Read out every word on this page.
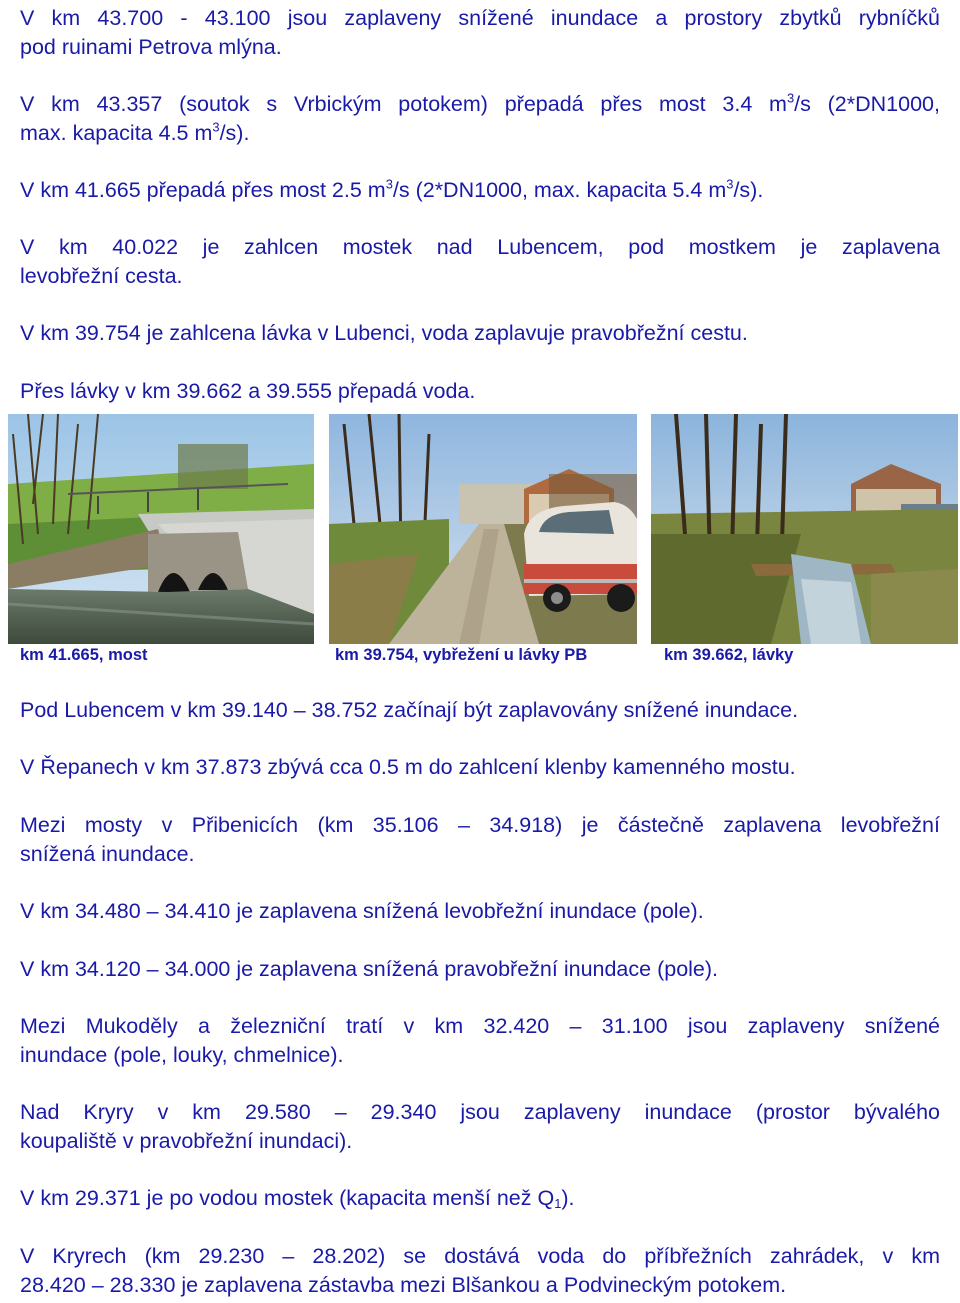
V km 43.700 - 43.100 jsou zaplaveny snížené inundace a prostory zbytků rybníčků
pod ruinami Petrova mlýna.

V km 43.357 (soutok s Vrbickým potokem) přepadá přes most 3.4 $m^3/s$ (2*DN1000,
max. kapacita 4.5 $m^3/s$).

V km 41.665 přepadá přes most 2.5 $m^3/s$ (2*DN1000, max. kapacita 5.4 $m^3/s$).

V km 40.022 je zahlcen mostek nad Lubencem, pod mostkem je zaplavena
levobřežní cesta.

V km 39.754 je zahlcena lávka v Lubenci, voda zaplavuje pravobřežní cestu.

Přes lávky v km 39.662 a 39.555 přepadá voda.

km 41.665, most	km 39.754, vybřežení u lávky PB	km 39.662, lávky

Pod Lubencem v km 39.140 – 38.752 začínají být zaplavovány snížené inundace.

V Řepanech v km 37.873 zbývá cca 0.5 m do zahlcení klenby kamenného mostu.

Mezi mosty v Přibenicích (km 35.106 – 34.918) je částečně zaplavena levobřežní
snížená inundace.

V km 34.480 – 34.410 je zaplavena snížená levobřežní inundace (pole).

V km 34.120 – 34.000 je zaplavena snížená pravobřežní inundace (pole).

Mezi Mukoděly a železniční tratí v km 32.420 – 31.100 jsou zaplaveny snížené
inundace (pole, louky, chmelnice).

Nad Kryry v km 29.580 – 29.340 jsou zaplaveny inundace (prostor bývalého
koupaliště v pravobřežní inundaci).

V km 29.371 je po vodou mostek (kapacita menší než $Q_1$).

V Kryrech (km 29.230 – 28.202) se dostává voda do příbřežních zahrádek, v km
28.420 – 28.330 je zaplavena zástavba mezi Blšankou a Podvineckým potokem.
